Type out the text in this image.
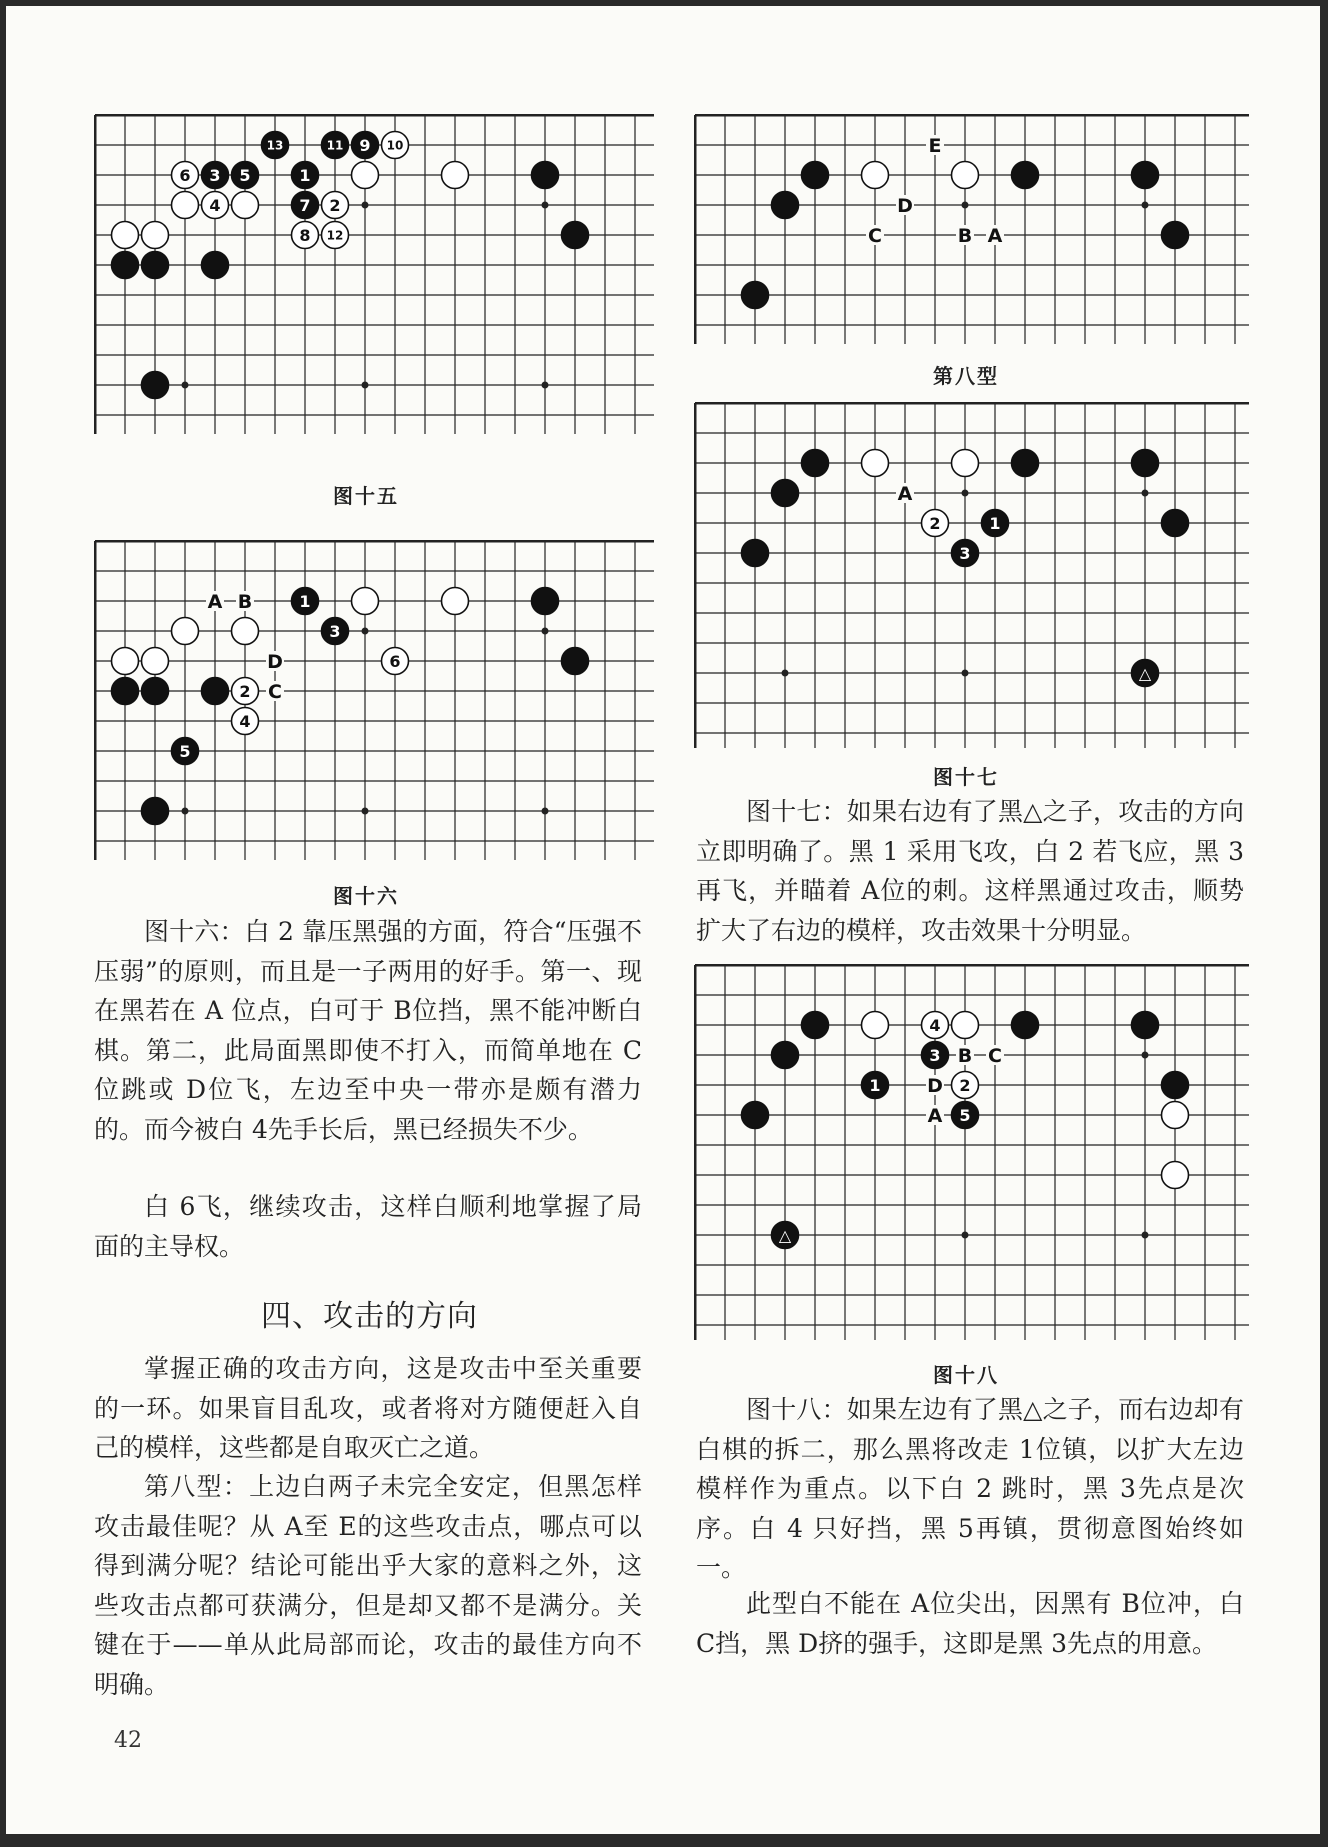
6 3 5
4
13
1
11 9 10
7 2
8 12
图十五
2
4
5
1
3
6
A B
D
C
图十六

图十六：白 2 靠压黑强的方面，符合“压强不压弱”的原则，而且是一子两用的好手。第一、现在黑若在 A 位点，白可于 B位挡，黑不能冲断白棋。第二，此局面黑即使不打入，而简单地在 C位跳或 D位飞，左边至中央一带亦是颇有潜力的。而今被白 4先手长后，黑已经损失不少。

白 6飞，继续攻击，这样白顺利地掌握了局面的主导权。

四、攻击的方向

掌握正确的攻击方向，这是攻击中至关重要的一环。如果盲目乱攻，或者将对方随便赶入自己的模样，这些都是自取灭亡之道。

第八型：上边白两子未完全安定，但黑怎样攻击最佳呢？从 A至 E的这些攻击点，哪点可以得到满分呢？结论可能出乎大家的意料之外，这些攻击点都可获满分，但是却又都不是满分。关键在于——单从此局部而论，攻击的最佳方向不明确。

42
E
D
C	B A
第八型
A
2	1
3
△
图十七

图十七：如果右边有了黑△之子，攻击的方向立即明确了。黑 1 采用飞攻，白 2 若飞应，黑 3 再飞，并瞄着 A位的刺。这样黑通过攻击，顺势扩大了右边的模样，攻击效果十分明显。

4
3 B C
1 D 2
A 5
△
图十八

图十八：如果左边有了黑△之子，而右边却有白棋的拆二，那么黑将改走 1位镇，以扩大左边模样作为重点。以下白 2 跳时，黑 3先点是次序。白 4 只好挡，黑 5再镇，贯彻意图始终如一。

此型白不能在 A位尖出，因黑有 B位冲，白 C挡，黑 D挤的强手，这即是黑 3先点的用意。
